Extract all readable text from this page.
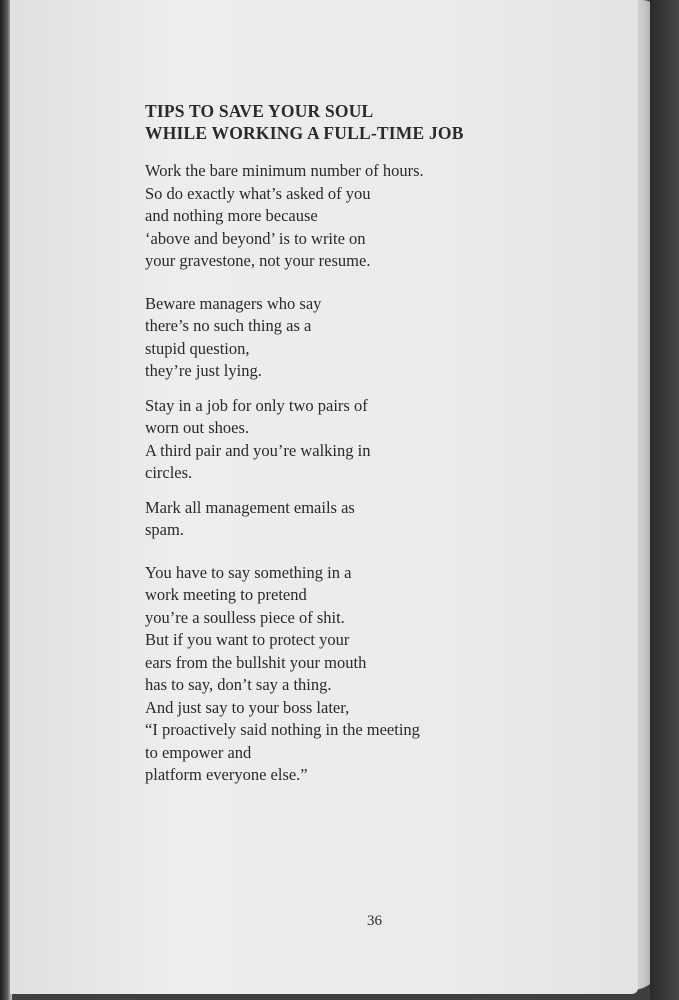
TIPS TO SAVE YOUR SOUL
WHILE WORKING A FULL-TIME JOB
Work the bare minimum number of hours.
So do exactly what’s asked of you
and nothing more because
‘above and beyond’ is to write on
your gravestone, not your resume.
Beware managers who say
there’s no such thing as a
stupid question,
they’re just lying.
Stay in a job for only two pairs of
worn out shoes.
A third pair and you’re walking in
circles.
Mark all management emails as
spam.
You have to say something in a
work meeting to pretend
you’re a soulless piece of shit.
But if you want to protect your
ears from the bullshit your mouth
has to say, don’t say a thing.
And just say to your boss later,
“I proactively said nothing in the meeting
to empower and
platform everyone else.”
36
